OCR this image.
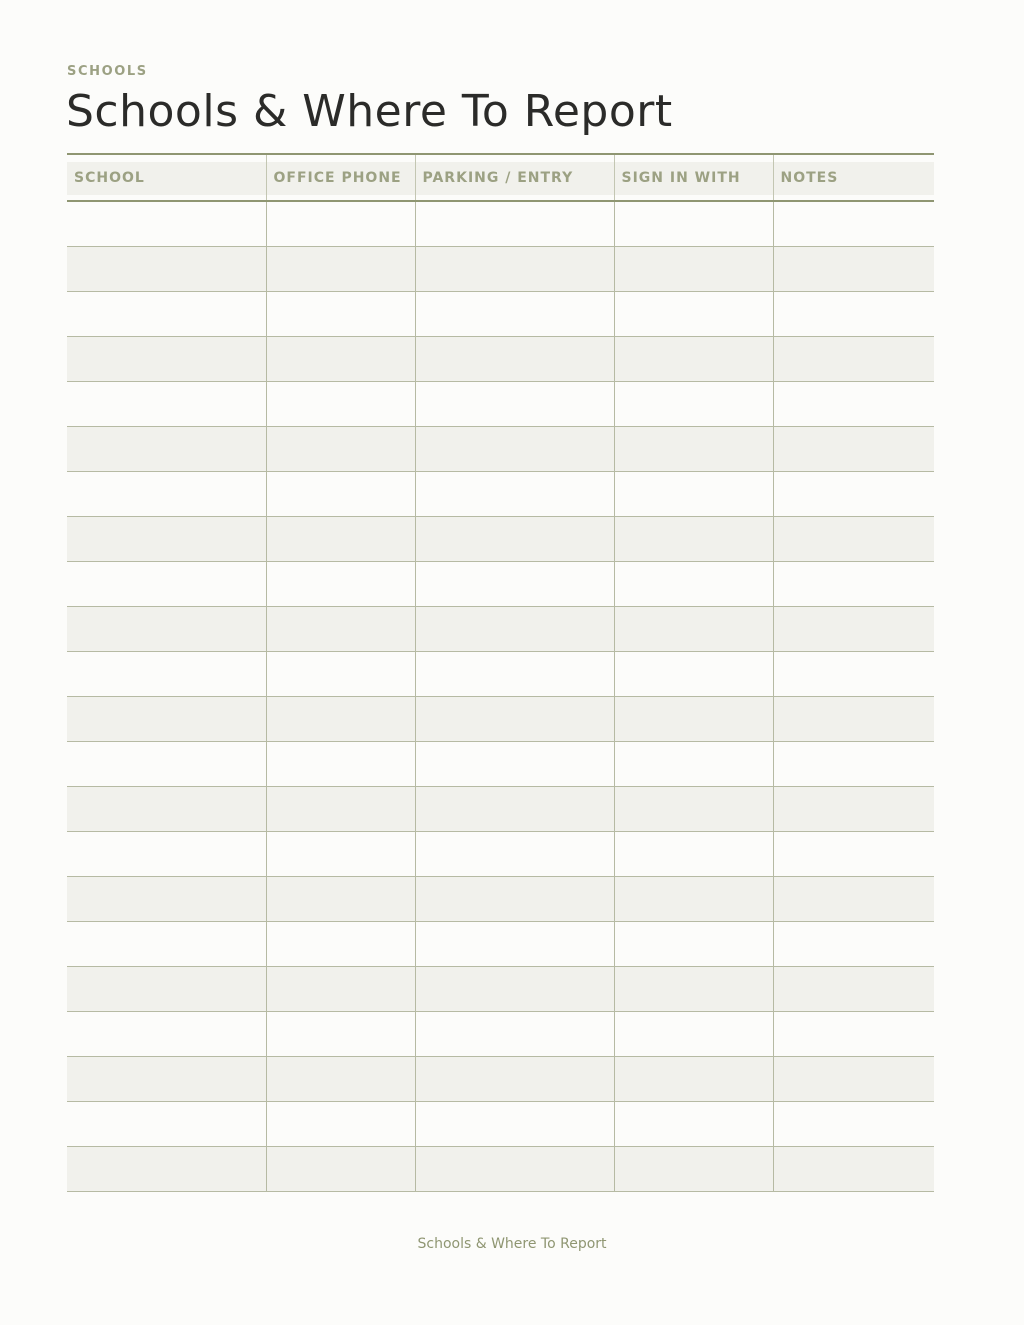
SCHOOLS
Schools & Where To Report
SCHOOL	OFFICE PHONE	PARKING / ENTRY	SIGN IN WITH	NOTES

Schools & Where To Report
